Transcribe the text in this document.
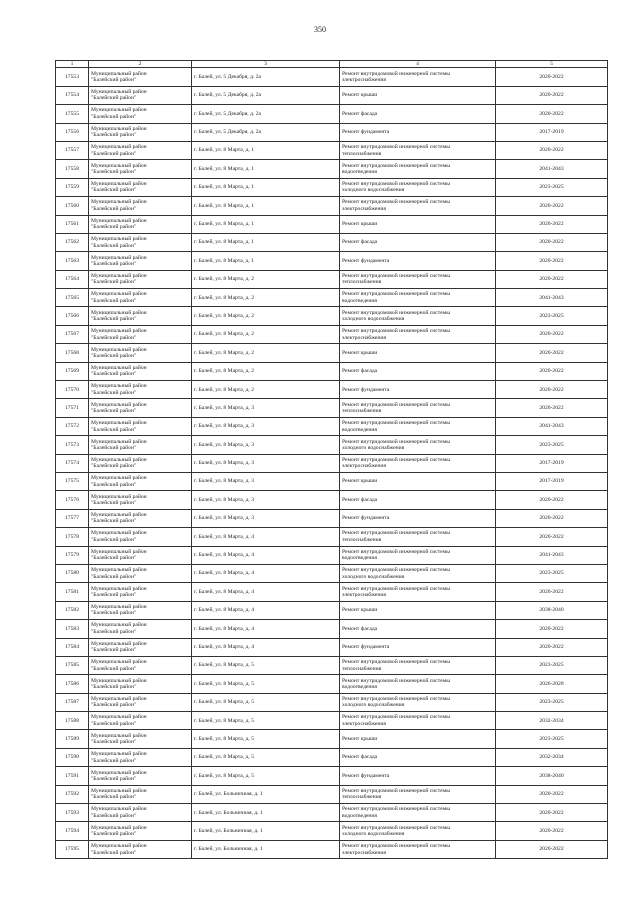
350
1	2	3	4	5
17553	Муниципальный район
"Балейский район"	г. Балей, ул. 5 Декабря, д. 2а	Ремонт внутридомовой инженерной системы
электроснабжения	2020-2022
17554	Муниципальный район
"Балейский район"	г. Балей, ул. 5 Декабря, д. 2а	Ремонт крыши	2020-2022
17555	Муниципальный район
"Балейский район"	г. Балей, ул. 5 Декабря, д. 2а	Ремонт фасада	2020-2022
17556	Муниципальный район
"Балейский район"	г. Балей, ул. 5 Декабря, д. 2а	Ремонт фундамента	2017-2019
17557	Муниципальный район
"Балейский район"	г. Балей, ул. 8 Марта, д. 1	Ремонт внутридомовой инженерной системы
теплоснабжения	2020-2022
17558	Муниципальный район
"Балейский район"	г. Балей, ул. 8 Марта, д. 1	Ремонт внутридомовой инженерной системы
водоотведения	2041-2043
17559	Муниципальный район
"Балейский район"	г. Балей, ул. 8 Марта, д. 1	Ремонт внутридомовой инженерной системы
холодного водоснабжения	2023-2025
17560	Муниципальный район
"Балейский район"	г. Балей, ул. 8 Марта, д. 1	Ремонт внутридомовой инженерной системы
электроснабжения	2020-2022
17561	Муниципальный район
"Балейский район"	г. Балей, ул. 8 Марта, д. 1	Ремонт крыши	2020-2022
17562	Муниципальный район
"Балейский район"	г. Балей, ул. 8 Марта, д. 1	Ремонт фасада	2020-2022
17563	Муниципальный район
"Балейский район"	г. Балей, ул. 8 Марта, д. 1	Ремонт фундамента	2020-2022
17564	Муниципальный район
"Балейский район"	г. Балей, ул. 8 Марта, д. 2	Ремонт внутридомовой инженерной системы
теплоснабжения	2020-2022
17565	Муниципальный район
"Балейский район"	г. Балей, ул. 8 Марта, д. 2	Ремонт внутридомовой инженерной системы
водоотведения	2041-2043
17566	Муниципальный район
"Балейский район"	г. Балей, ул. 8 Марта, д. 2	Ремонт внутридомовой инженерной системы
холодного водоснабжения	2023-2025
17567	Муниципальный район
"Балейский район"	г. Балей, ул. 8 Марта, д. 2	Ремонт внутридомовой инженерной системы
электроснабжения	2020-2022
17568	Муниципальный район
"Балейский район"	г. Балей, ул. 8 Марта, д. 2	Ремонт крыши	2020-2022
17569	Муниципальный район
"Балейский район"	г. Балей, ул. 8 Марта, д. 2	Ремонт фасада	2020-2022
17570	Муниципальный район
"Балейский район"	г. Балей, ул. 8 Марта, д. 2	Ремонт фундамента	2020-2022
17571	Муниципальный район
"Балейский район"	г. Балей, ул. 8 Марта, д. 3	Ремонт внутридомовой инженерной системы
теплоснабжения	2020-2022
17572	Муниципальный район
"Балейский район"	г. Балей, ул. 8 Марта, д. 3	Ремонт внутридомовой инженерной системы
водоотведения	2041-2043
17573	Муниципальный район
"Балейский район"	г. Балей, ул. 8 Марта, д. 3	Ремонт внутридомовой инженерной системы
холодного водоснабжения	2023-2025
17574	Муниципальный район
"Балейский район"	г. Балей, ул. 8 Марта, д. 3	Ремонт внутридомовой инженерной системы
электроснабжения	2017-2019
17575	Муниципальный район
"Балейский район"	г. Балей, ул. 8 Марта, д. 3	Ремонт крыши	2017-2019
17576	Муниципальный район
"Балейский район"	г. Балей, ул. 8 Марта, д. 3	Ремонт фасада	2020-2022
17577	Муниципальный район
"Балейский район"	г. Балей, ул. 8 Марта, д. 3	Ремонт фундамента	2020-2022
17578	Муниципальный район
"Балейский район"	г. Балей, ул. 8 Марта, д. 4	Ремонт внутридомовой инженерной системы
теплоснабжения	2020-2022
17579	Муниципальный район
"Балейский район"	г. Балей, ул. 8 Марта, д. 4	Ремонт внутридомовой инженерной системы
водоотведения	2041-2043
17580	Муниципальный район
"Балейский район"	г. Балей, ул. 8 Марта, д. 4	Ремонт внутридомовой инженерной системы
холодного водоснабжения	2023-2025
17581	Муниципальный район
"Балейский район"	г. Балей, ул. 8 Марта, д. 4	Ремонт внутридомовой инженерной системы
электроснабжения	2020-2022
17582	Муниципальный район
"Балейский район"	г. Балей, ул. 8 Марта, д. 4	Ремонт крыши	2038-2040
17583	Муниципальный район
"Балейский район"	г. Балей, ул. 8 Марта, д. 4	Ремонт фасада	2020-2022
17584	Муниципальный район
"Балейский район"	г. Балей, ул. 8 Марта, д. 4	Ремонт фундамента	2020-2022
17585	Муниципальный район
"Балейский район"	г. Балей, ул. 8 Марта, д. 5	Ремонт внутридомовой инженерной системы
теплоснабжения	2023-2025
17586	Муниципальный район
"Балейский район"	г. Балей, ул. 8 Марта, д. 5	Ремонт внутридомовой инженерной системы
водоотведения	2026-2028
17587	Муниципальный район
"Балейский район"	г. Балей, ул. 8 Марта, д. 5	Ремонт внутридомовой инженерной системы
холодного водоснабжения	2023-2025
17588	Муниципальный район
"Балейский район"	г. Балей, ул. 8 Марта, д. 5	Ремонт внутридомовой инженерной системы
электроснабжения	2032-2034
17589	Муниципальный район
"Балейский район"	г. Балей, ул. 8 Марта, д. 5	Ремонт крыши	2023-2025
17590	Муниципальный район
"Балейский район"	г. Балей, ул. 8 Марта, д. 5	Ремонт фасада	2032-2034
17591	Муниципальный район
"Балейский район"	г. Балей, ул. 8 Марта, д. 5	Ремонт фундамента	2038-2040
17592	Муниципальный район
"Балейский район"	г. Балей, ул. Больничная, д. 1	Ремонт внутридомовой инженерной системы
теплоснабжения	2020-2022
17593	Муниципальный район
"Балейский район"	г. Балей, ул. Больничная, д. 1	Ремонт внутридомовой инженерной системы
водоотведения	2020-2022
17594	Муниципальный район
"Балейский район"	г. Балей, ул. Больничная, д. 1	Ремонт внутридомовой инженерной системы
холодного водоснабжения	2020-2022
17595	Муниципальный район
"Балейский район"	г. Балей, ул. Больничная, д. 1	Ремонт внутридомовой инженерной системы
электроснабжения	2020-2022
